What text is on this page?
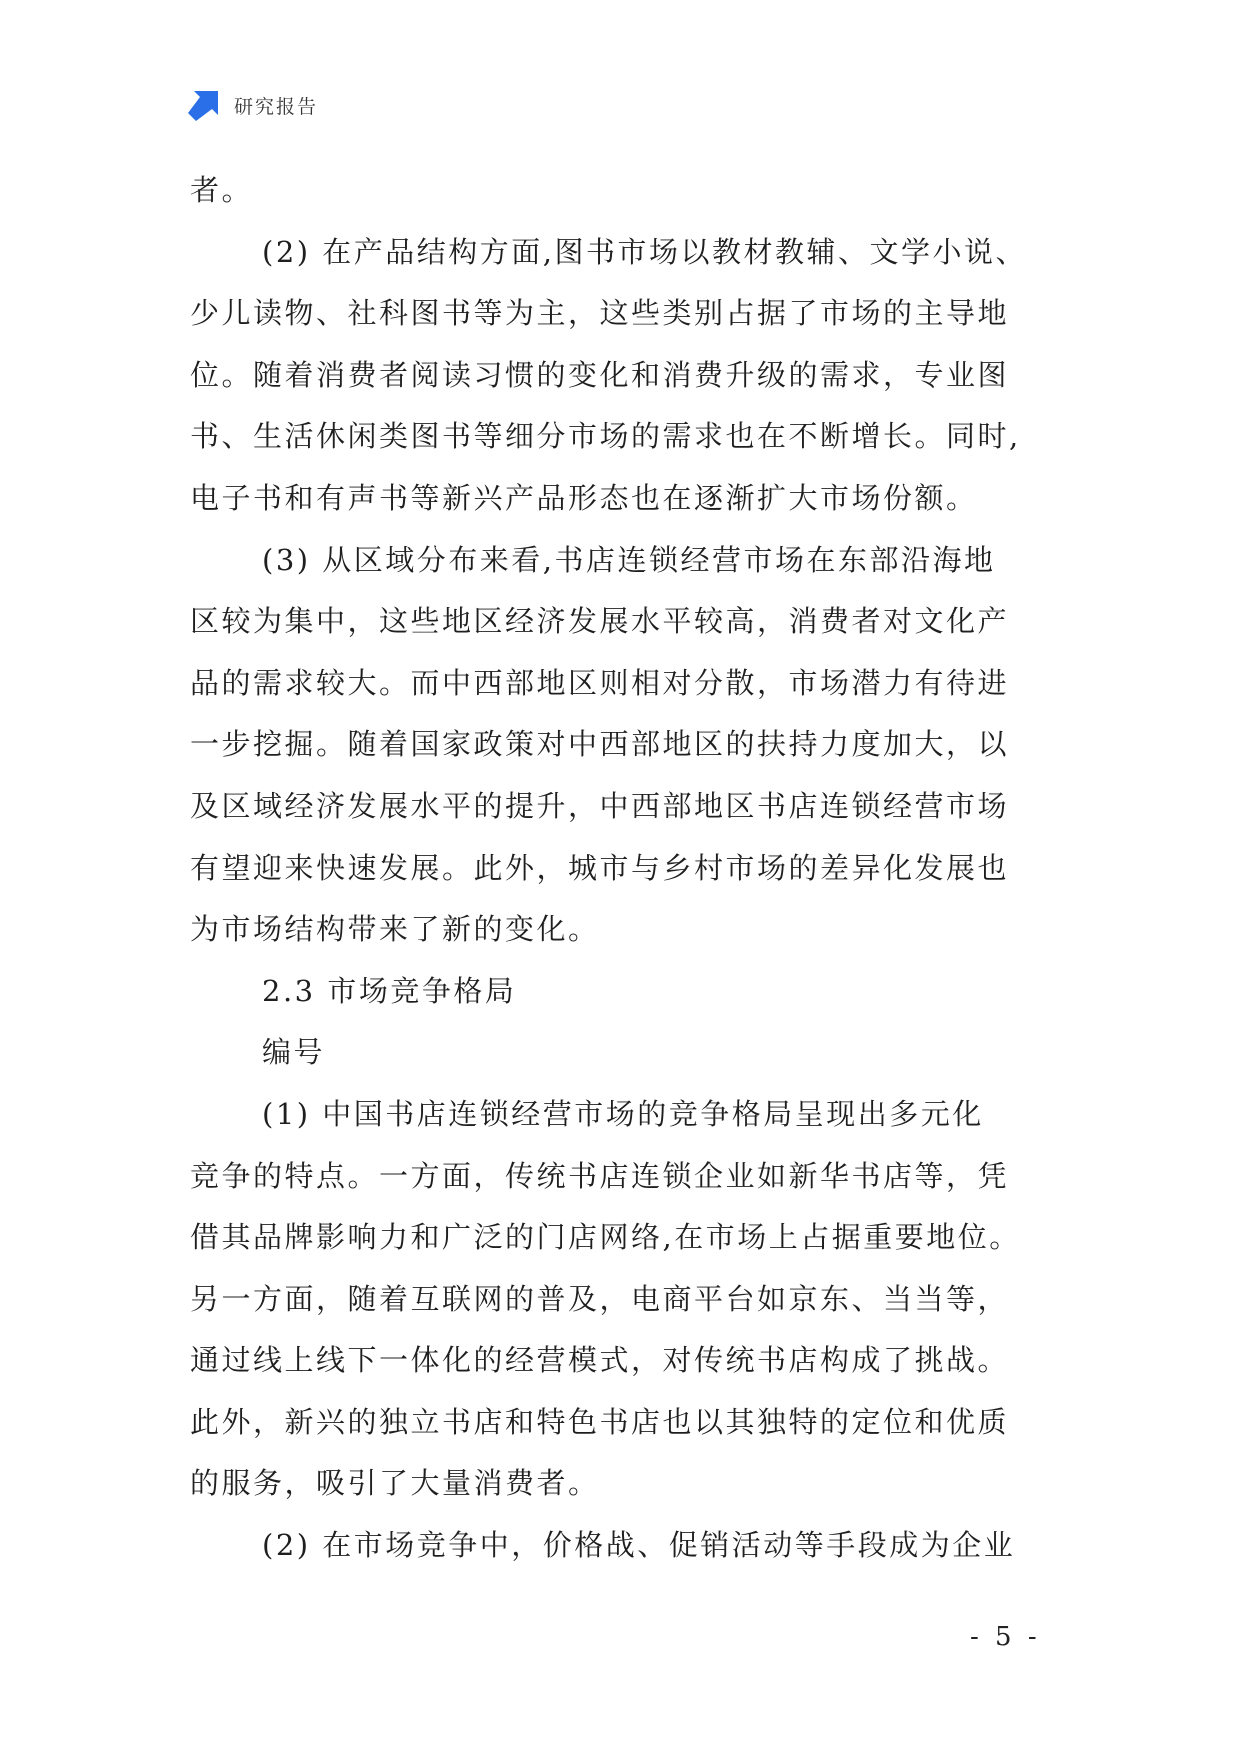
研究报告
者。
(2) 在产品结构方面,图书市场以教材教辅、文学小说、
少儿读物、社科图书等为主，这些类别占据了市场的主导地
位。随着消费者阅读习惯的变化和消费升级的需求，专业图
书、生活休闲类图书等细分市场的需求也在不断增长。同时,
电子书和有声书等新兴产品形态也在逐渐扩大市场份额。
(3) 从区域分布来看,书店连锁经营市场在东部沿海地
区较为集中，这些地区经济发展水平较高，消费者对文化产
品的需求较大。而中西部地区则相对分散，市场潜力有待进
一步挖掘。随着国家政策对中西部地区的扶持力度加大，以
及区域经济发展水平的提升，中西部地区书店连锁经营市场
有望迎来快速发展。此外，城市与乡村市场的差异化发展也
为市场结构带来了新的变化。
2.3 市场竞争格局
编号
(1) 中国书店连锁经营市场的竞争格局呈现出多元化
竞争的特点。一方面，传统书店连锁企业如新华书店等，凭
借其品牌影响力和广泛的门店网络,在市场上占据重要地位。
另一方面，随着互联网的普及，电商平台如京东、当当等，
通过线上线下一体化的经营模式，对传统书店构成了挑战。
此外，新兴的独立书店和特色书店也以其独特的定位和优质
的服务，吸引了大量消费者。
(2) 在市场竞争中，价格战、促销活动等手段成为企业
- 5 -
